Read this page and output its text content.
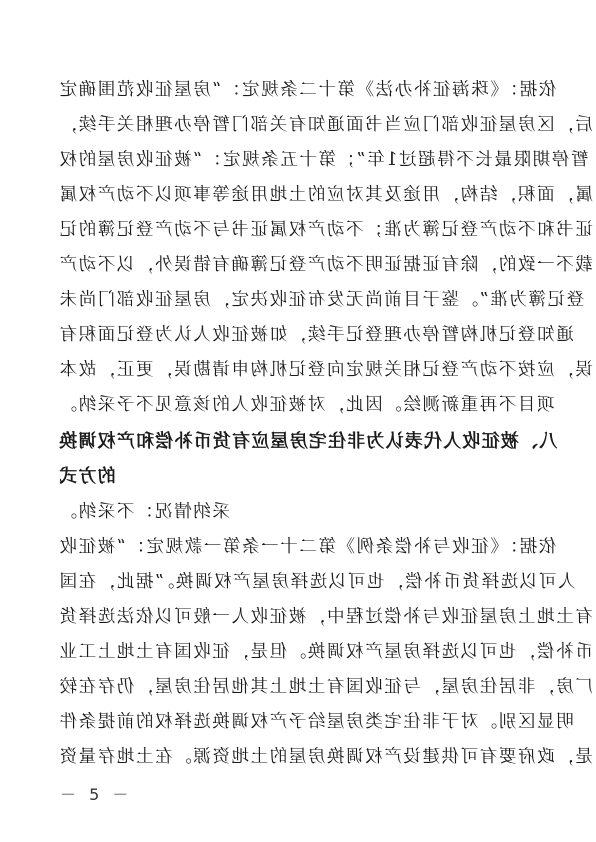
依据：《珠海征补办法》第十二条规定：“房屋征收范围确定
后，区房屋征收部门应当书面通知有关部门暂停办理相关手续，
暂停期限最长不得超过1年”；第十五条规定：“被征收房屋的权
属，面积，结构，用途及其对应的土地用途等事项以不动产权属
证书和不动产登记簿为准；不动产权属证书与不动产登记簿的记
载不一致的，除有证据证明不动产登记簿确有错误外，以不动产
登记簿为准”。鉴于目前尚无发布征收决定，房屋征收部门尚未
通知登记机构暂停办理登记手续，如被征收人认为登记面积有
误，应按不动产登记相关规定向登记机构申请勘误，更正，故本
项目不再重新测绘。因此，对被征收人的该意见不予采纳。
八、被征收人代表认为非住宅房屋应有货币补偿和产权调换
的方式
采纳情况：不采纳。
依据：《征收与补偿条例》第二十一条第一款规定：“被征收
人可以选择货币补偿，也可以选择房屋产权调换。”据此，在国
有土地上房屋征收与补偿过程中，被征收人一般可以依法选择货
币补偿，也可以选择房屋产权调换。但是，征收国有土地上工业
厂房，非居住房屋，与征收国有土地上其他居住房屋，仍存在较
明显区别。对于非住宅类房屋给予产权调换选择权的前提条件
是，政府要有可供建设产权调换房屋的土地资源。在土地存量资
－ 5 －
